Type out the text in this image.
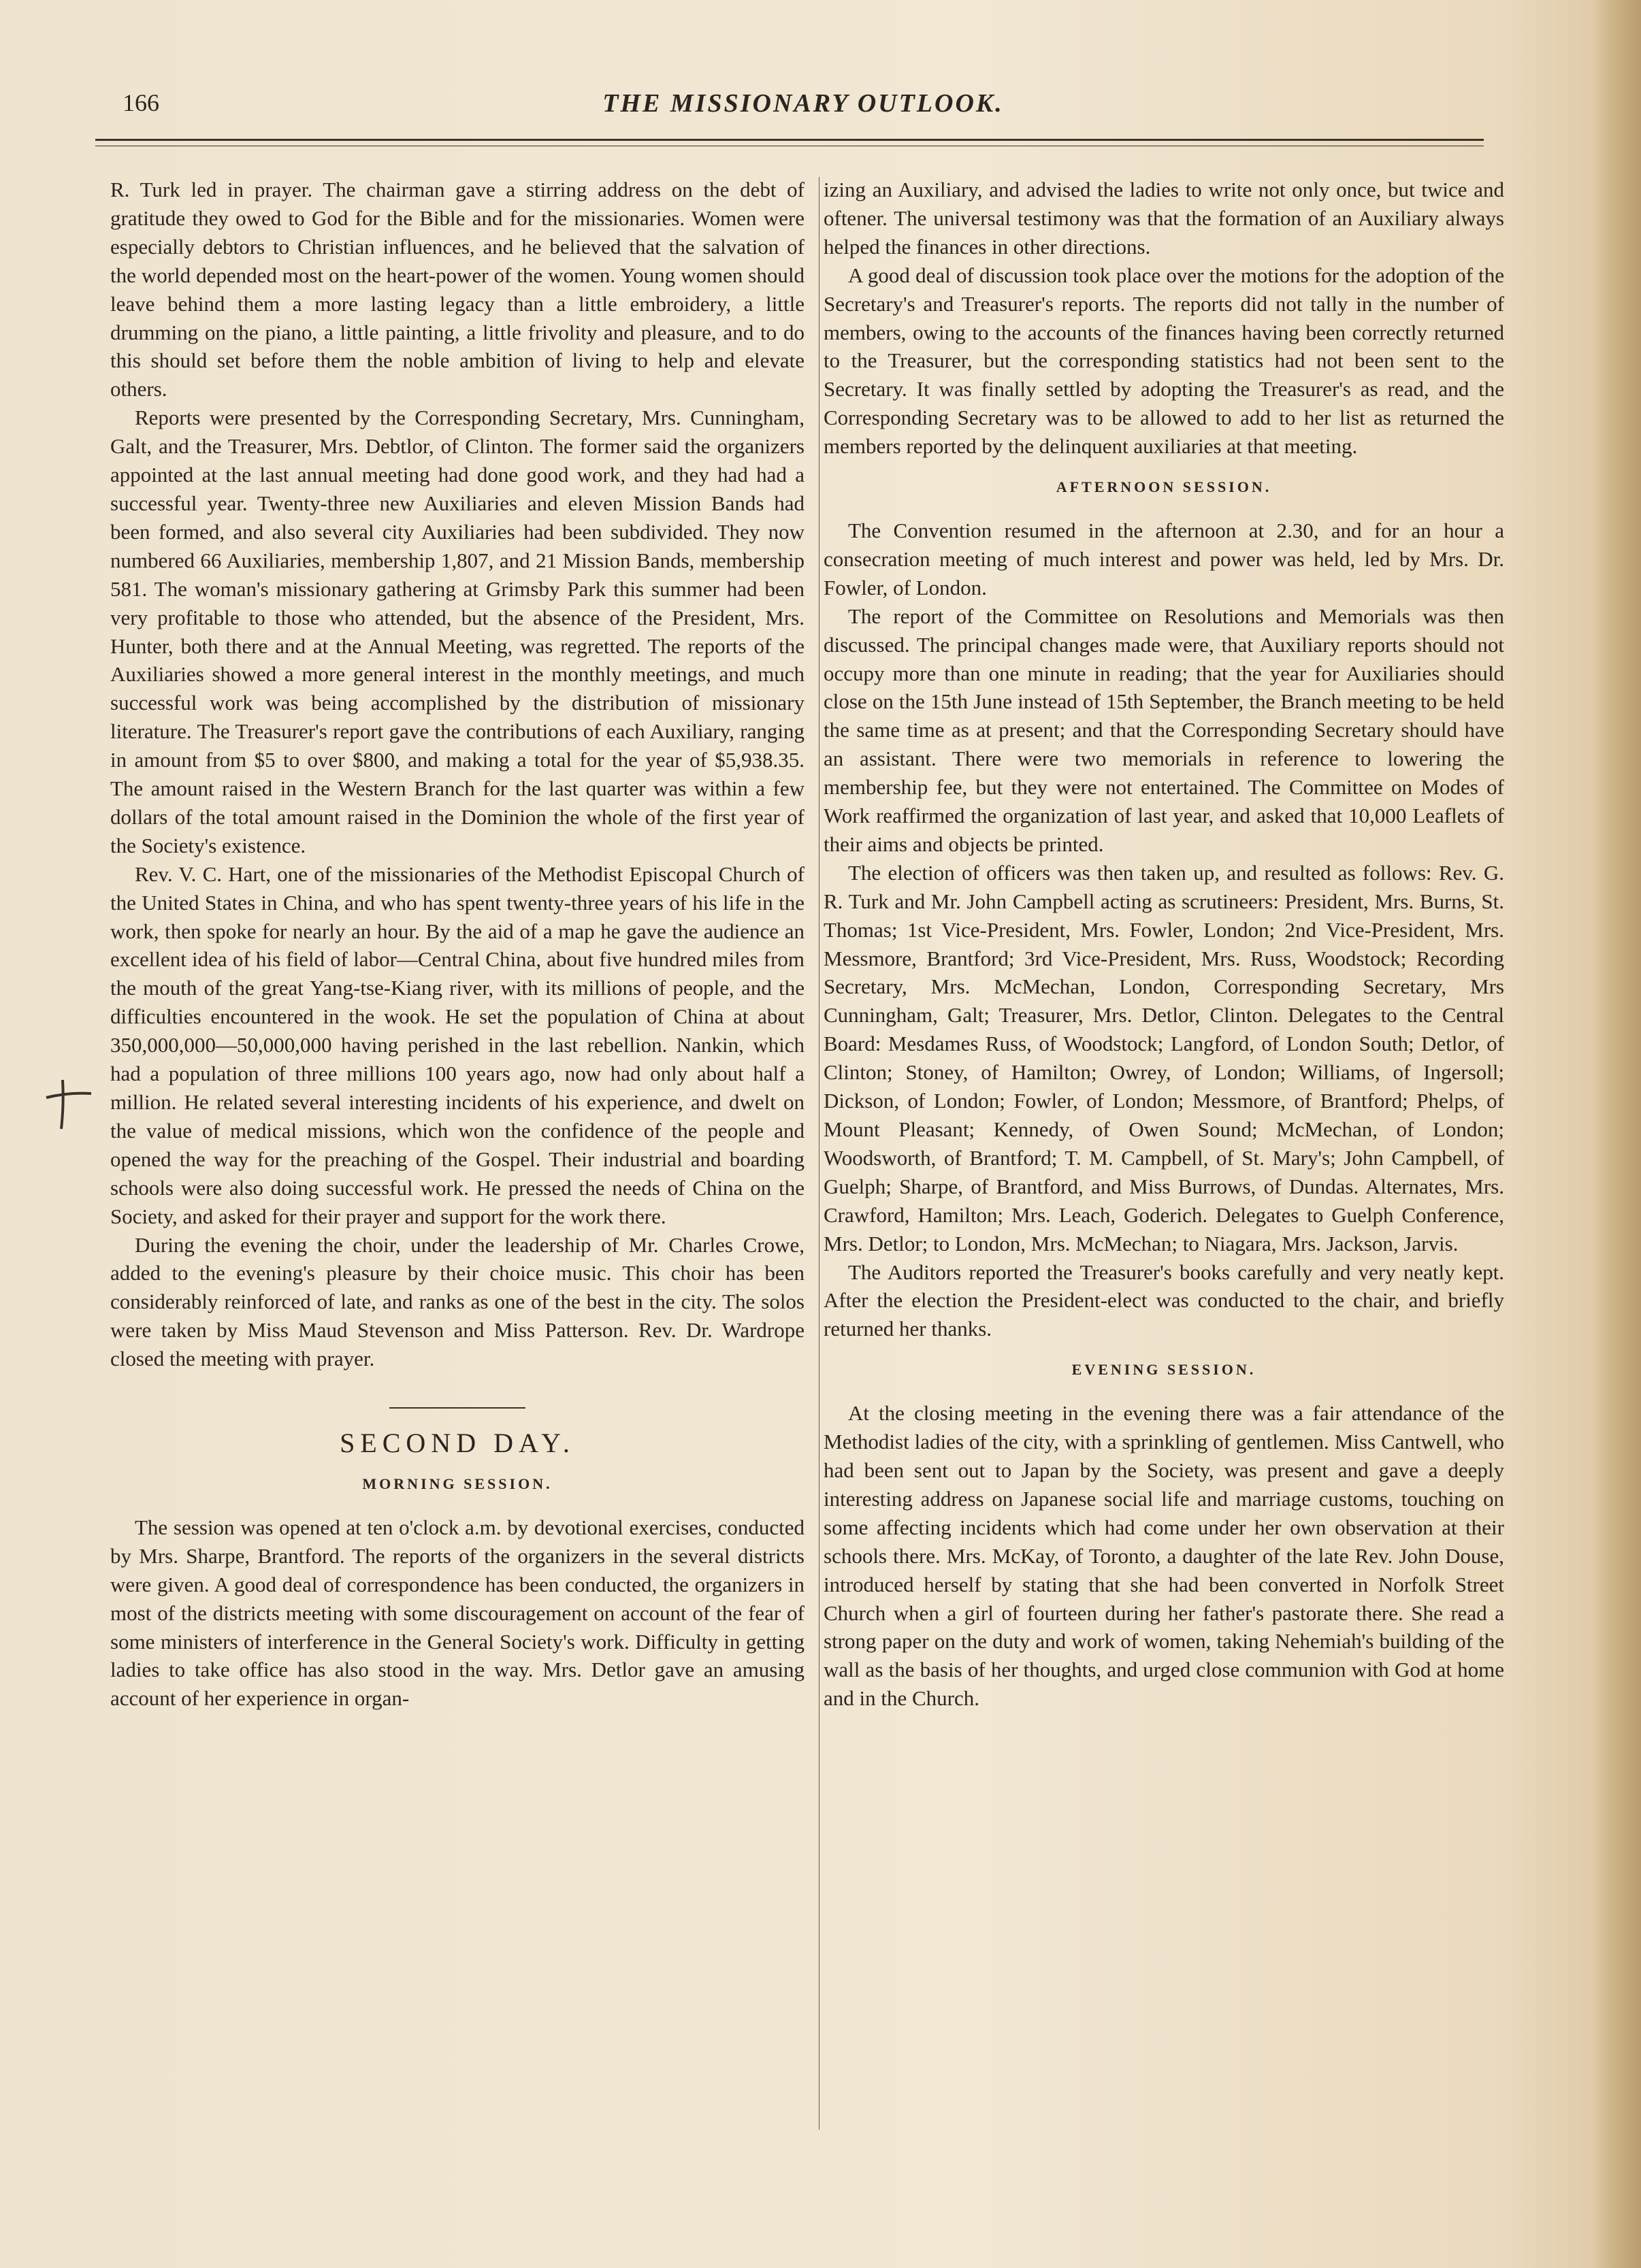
THE MISSIONARY OUTLOOK.
166

R. Turk led in prayer. The chairman gave a stirring address on the debt of gratitude they owed to God for the Bible and for the missionaries. Women were especially debtors to Christian influences, and he believed that the salvation of the world depended most on the heart-power of the women. Young women should leave behind them a more lasting legacy than a little embroidery, a little drumming on the piano, a little painting, a little frivolity and pleasure, and to do this should set before them the noble ambition of living to help and elevate others.

Reports were presented by the Corresponding Secretary, Mrs. Cunningham, Galt, and the Treasurer, Mrs. Debtlor, of Clinton. The former said the organizers appointed at the last annual meeting had done good work, and they had had a successful year. Twenty-three new Auxiliaries and eleven Mission Bands had been formed, and also several city Auxiliaries had been subdivided. They now numbered 66 Auxiliaries, membership 1,807, and 21 Mission Bands, membership 581. The woman's missionary gathering at Grimsby Park this summer had been very profitable to those who attended, but the absence of the President, Mrs. Hunter, both there and at the Annual Meeting, was regretted. The reports of the Auxiliaries showed a more general interest in the monthly meetings, and much successful work was being accomplished by the distribution of missionary literature. The Treasurer's report gave the contributions of each Auxiliary, ranging in amount from $5 to over $800, and making a total for the year of $5,938.35. The amount raised in the Western Branch for the last quarter was within a few dollars of the total amount raised in the Dominion the whole of the first year of the Society's existence.

Rev. V. C. Hart, one of the missionaries of the Methodist Episcopal Church of the United States in China, and who has spent twenty-three years of his life in the work, then spoke for nearly an hour. By the aid of a map he gave the audience an excellent idea of his field of labor—Central China, about five hundred miles from the mouth of the great Yang-tse-Kiang river, with its millions of people, and the difficulties encountered in the wook. He set the population of China at about 350,000,000—50,000,000 having perished in the last rebellion. Nankin, which had a population of three millions 100 years ago, now had only about half a million. He related several interesting incidents of his experience, and dwelt on the value of medical missions, which won the confidence of the people and opened the way for the preaching of the Gospel. Their industrial and boarding schools were also doing successful work. He pressed the needs of China on the Society, and asked for their prayer and support for the work there.

During the evening the choir, under the leadership of Mr. Charles Crowe, added to the evening's pleasure by their choice music. This choir has been considerably reinforced of late, and ranks as one of the best in the city. The solos were taken by Miss Maud Stevenson and Miss Patterson. Rev. Dr. Wardrope closed the meeting with prayer.

SECOND DAY.
MORNING SESSION.

The session was opened at ten o'clock a.m. by devotional exercises, conducted by Mrs. Sharpe, Brantford. The reports of the organizers in the several districts were given. A good deal of correspondence has been conducted, the organizers in most of the districts meeting with some discouragement on account of the fear of some ministers of interference in the General Society's work. Difficulty in getting ladies to take office has also stood in the way. Mrs. Detlor gave an amusing account of her experience in organ-

izing an Auxiliary, and advised the ladies to write not only once, but twice and oftener. The universal testimony was that the formation of an Auxiliary always helped the finances in other directions.

A good deal of discussion took place over the motions for the adoption of the Secretary's and Treasurer's reports. The reports did not tally in the number of members, owing to the accounts of the finances having been correctly returned to the Treasurer, but the corresponding statistics had not been sent to the Secretary. It was finally settled by adopting the Treasurer's as read, and the Corresponding Secretary was to be allowed to add to her list as returned the members reported by the delinquent auxiliaries at that meeting.

AFTERNOON SESSION.

The Convention resumed in the afternoon at 2.30, and for an hour a consecration meeting of much interest and power was held, led by Mrs. Dr. Fowler, of London.

The report of the Committee on Resolutions and Memorials was then discussed. The principal changes made were, that Auxiliary reports should not occupy more than one minute in reading; that the year for Auxiliaries should close on the 15th June instead of 15th September, the Branch meeting to be held the same time as at present; and that the Corresponding Secretary should have an assistant. There were two memorials in reference to lowering the membership fee, but they were not entertained. The Committee on Modes of Work reaffirmed the organization of last year, and asked that 10,000 Leaflets of their aims and objects be printed.

The election of officers was then taken up, and resulted as follows: Rev. G. R. Turk and Mr. John Campbell acting as scrutineers: President, Mrs. Burns, St. Thomas; 1st Vice-President, Mrs. Fowler, London; 2nd Vice-President, Mrs. Messmore, Brantford; 3rd Vice-President, Mrs. Russ, Woodstock; Recording Secretary, Mrs. McMechan, London, Corresponding Secretary, Mrs Cunningham, Galt; Treasurer, Mrs. Detlor, Clinton. Delegates to the Central Board: Mesdames Russ, of Woodstock; Langford, of London South; Detlor, of Clinton; Stoney, of Hamilton; Owrey, of London; Williams, of Ingersoll; Dickson, of London; Fowler, of London; Messmore, of Brantford; Phelps, of Mount Pleasant; Kennedy, of Owen Sound; McMechan, of London; Woodsworth, of Brantford; T. M. Campbell, of St. Mary's; John Campbell, of Guelph; Sharpe, of Brantford, and Miss Burrows, of Dundas. Alternates, Mrs. Crawford, Hamilton; Mrs. Leach, Goderich. Delegates to Guelph Conference, Mrs. Detlor; to London, Mrs. McMechan; to Niagara, Mrs. Jackson, Jarvis.

The Auditors reported the Treasurer's books carefully and very neatly kept. After the election the President-elect was conducted to the chair, and briefly returned her thanks.

EVENING SESSION.

At the closing meeting in the evening there was a fair attendance of the Methodist ladies of the city, with a sprinkling of gentlemen. Miss Cantwell, who had been sent out to Japan by the Society, was present and gave a deeply interesting address on Japanese social life and marriage customs, touching on some affecting incidents which had come under her own observation at their schools there. Mrs. McKay, of Toronto, a daughter of the late Rev. John Douse, introduced herself by stating that she had been converted in Norfolk Street Church when a girl of fourteen during her father's pastorate there. She read a strong paper on the duty and work of women, taking Nehemiah's building of the wall as the basis of her thoughts, and urged close communion with God at home and in the Church.
